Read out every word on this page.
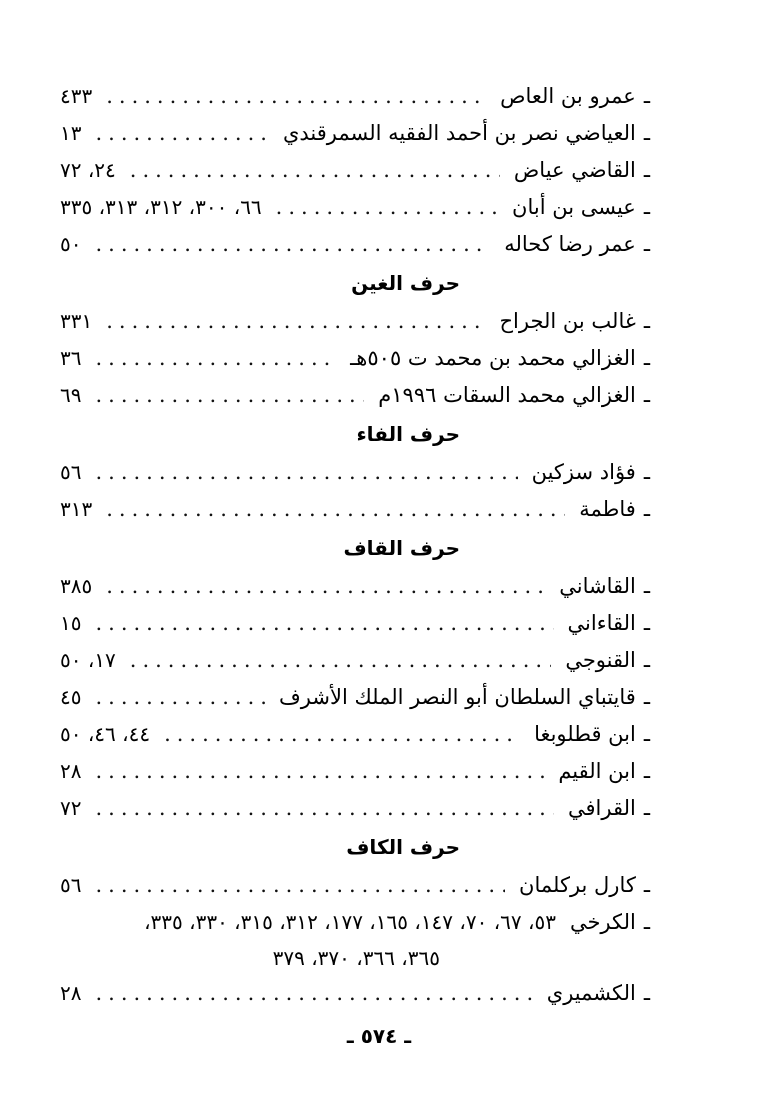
ـ
عمرو بن العاص
.....
٤٣٣
ـ
العياضي نصر بن أحمد الفقيه السمرقندي
.....
١٣
ـ
القاضي عياض
.....
٢٤، ٧٢
ـ
عيسى بن أبان
.....
٦٦، ٣٠٠، ٣١٢، ٣١٣، ٣٣٥
ـ
عمر رضا كحاله
.....
٥٠
حرف الغين
ـ
غالب بن الجراح
.....
٣٣١
ـ
الغزالي محمد بن محمد ت ٥٠٥هـ
.....
٣٦
ـ
الغزالي محمد السقات ١٩٩٦م
.....
٦٩
حرف الفاء
ـ
فؤاد سزكين
.....
٥٦
ـ
فاطمة
.....
٣١٣
حرف القاف
ـ
القاشاني
.....
٣٨٥
ـ
القاءاني
.....
١٥
ـ
القنوجي
.....
١٧، ٥٠
ـ
قايتباي السلطان أبو النصر الملك الأشرف
.....
٤٥
ـ
ابن قطلوبغا
.....
٤٤، ٤٦، ٥٠
ـ
ابن القيم
.....
٢٨
ـ
القرافي
.....
٧٢
حرف الكاف
ـ
كارل بركلمان
.....
٥٦
ـ
الكرخي
٥٣، ٦٧، ٧٠، ١٤٧، ١٦٥، ١٧٧، ٣١٢، ٣١٥، ٣٣٠، ٣٣٥،
٣٦٥، ٣٦٦، ٣٧٠، ٣٧٩
ـ
الكشميري
.....
٢٨
ـ ٥٧٤ ـ
